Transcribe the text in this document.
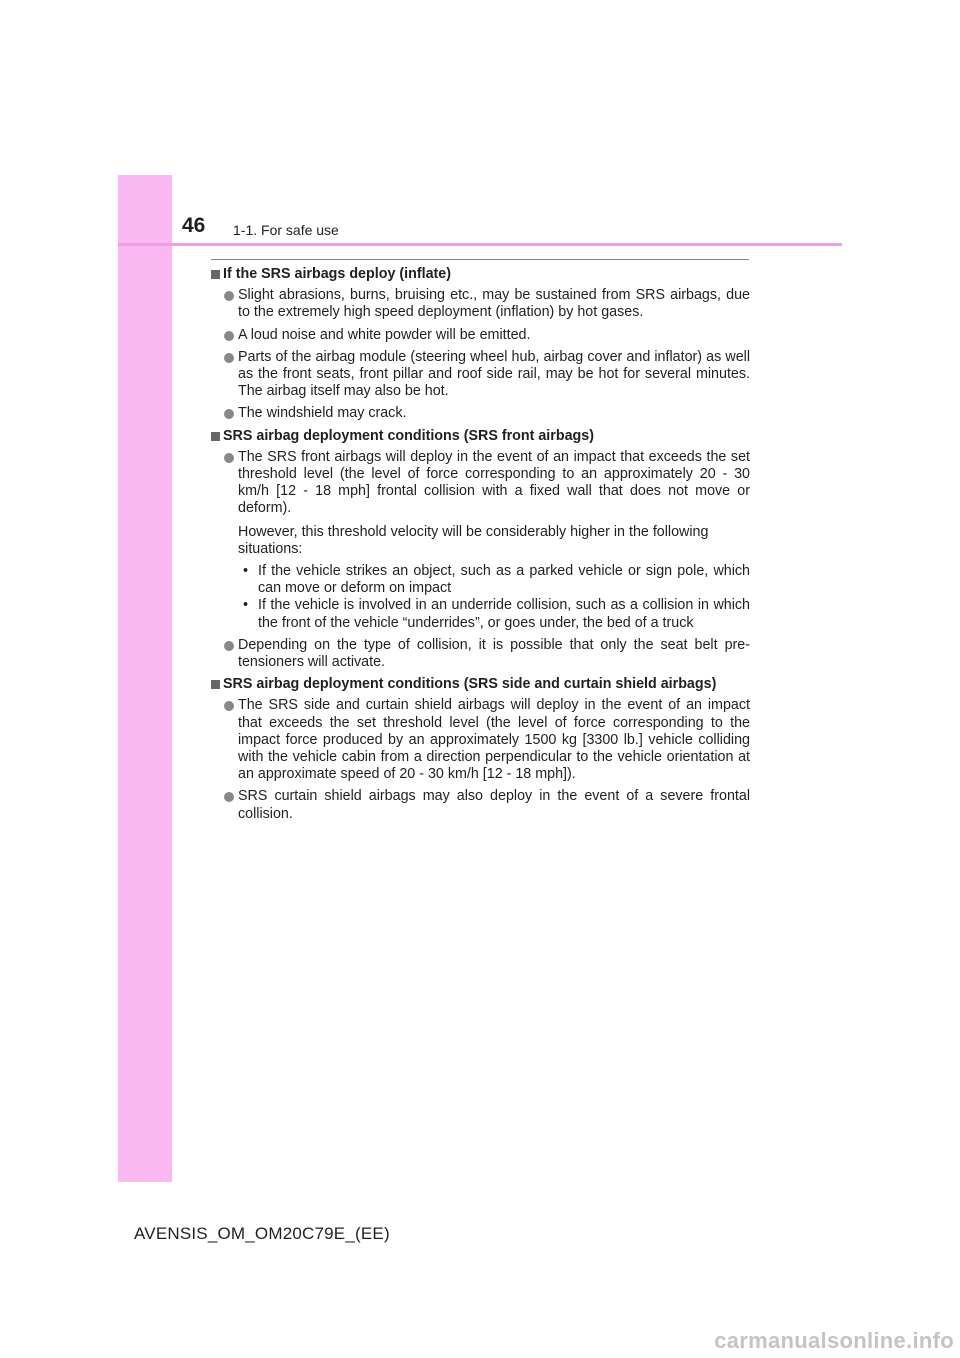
46 1-1. For safe use
If the SRS airbags deploy (inflate)
Slight abrasions, burns, bruising etc., may be sustained from SRS airbags, due to the extremely high speed deployment (inflation) by hot gases.
A loud noise and white powder will be emitted.
Parts of the airbag module (steering wheel hub, airbag cover and inflator) as well as the front seats, front pillar and roof side rail, may be hot for several minutes. The airbag itself may also be hot.
The windshield may crack.
SRS airbag deployment conditions (SRS front airbags)
The SRS front airbags will deploy in the event of an impact that exceeds the set threshold level (the level of force corresponding to an approximately 20 - 30 km/h [12 - 18 mph] frontal collision with a fixed wall that does not move or deform).
However, this threshold velocity will be considerably higher in the following situations:
• If the vehicle strikes an object, such as a parked vehicle or sign pole, which can move or deform on impact
• If the vehicle is involved in an underride collision, such as a collision in which the front of the vehicle “underrides”, or goes under, the bed of a truck
Depending on the type of collision, it is possible that only the seat belt pre-tensioners will activate.
SRS airbag deployment conditions (SRS side and curtain shield airbags)
The SRS side and curtain shield airbags will deploy in the event of an impact that exceeds the set threshold level (the level of force corresponding to the impact force produced by an approximately 1500 kg [3300 lb.] vehicle colliding with the vehicle cabin from a direction perpendicular to the vehicle orientation at an approximate speed of 20 - 30 km/h [12 - 18 mph]).
SRS curtain shield airbags may also deploy in the event of a severe frontal collision.
AVENSIS_OM_OM20C79E_(EE)
carmanualsonline.info
